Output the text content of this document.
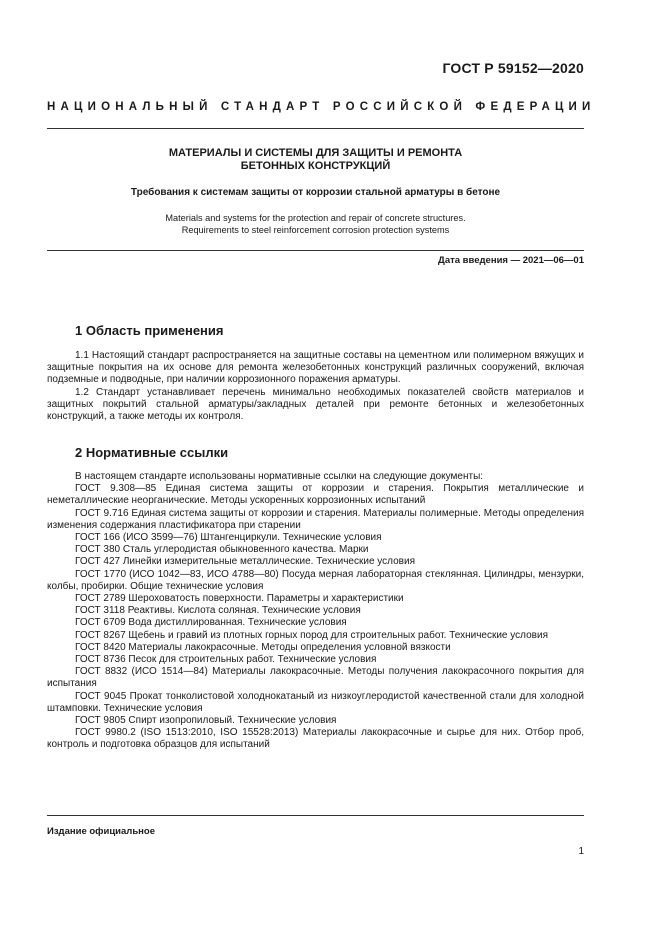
ГОСТ Р 59152—2020
НАЦИОНАЛЬНЫЙ СТАНДАРТ РОССИЙСКОЙ ФЕДЕРАЦИИ
МАТЕРИАЛЫ И СИСТЕМЫ ДЛЯ ЗАЩИТЫ И РЕМОНТА
БЕТОННЫХ КОНСТРУКЦИЙ
Требования к системам защиты от коррозии стальной арматуры в бетоне
Materials and systems for the protection and repair of concrete structures.
Requirements to steel reinforcement corrosion protection systems
Дата введения — 2021—06—01
1 Область применения

1.1 Настоящий стандарт распространяется на защитные составы на цементном или полимерном вяжущих и защитные покрытия на их основе для ремонта железобетонных конструкций различных сооружений, включая подземные и подводные, при наличии коррозионного поражения арматуры.

1.2 Стандарт устанавливает перечень минимально необходимых показателей свойств материалов и защитных покрытий стальной арматуры/закладных деталей при ремонте бетонных и железобетонных конструкций, а также методы их контроля.

2 Нормативные ссылки

В настоящем стандарте использованы нормативные ссылки на следующие документы:

ГОСТ 9.308—85 Единая система защиты от коррозии и старения. Покрытия металлические и неметаллические неорганические. Методы ускоренных коррозионных испытаний

ГОСТ 9.716 Единая система защиты от коррозии и старения. Материалы полимерные. Методы определения изменения содержания пластификатора при старении

ГОСТ 166 (ИСО 3599—76) Штангенциркули. Технические условия

ГОСТ 380 Сталь углеродистая обыкновенного качества. Марки

ГОСТ 427 Линейки измерительные металлические. Технические условия

ГОСТ 1770 (ИСО 1042—83, ИСО 4788—80) Посуда мерная лабораторная стеклянная. Цилиндры, мензурки, колбы, пробирки. Общие технические условия

ГОСТ 2789 Шероховатость поверхности. Параметры и характеристики

ГОСТ 3118 Реактивы. Кислота соляная. Технические условия

ГОСТ 6709 Вода дистиллированная. Технические условия

ГОСТ 8267 Щебень и гравий из плотных горных пород для строительных работ. Технические условия

ГОСТ 8420 Материалы лакокрасочные. Методы определения условной вязкости

ГОСТ 8736 Песок для строительных работ. Технические условия

ГОСТ 8832 (ИСО 1514—84) Материалы лакокрасочные. Методы получения лакокрасочного покрытия для испытания

ГОСТ 9045 Прокат тонколистовой холоднокатаный из низкоуглеродистой качественной стали для холодной штамповки. Технические условия

ГОСТ 9805 Спирт изопропиловый. Технические условия

ГОСТ 9980.2 (ISO 1513:2010, ISO 15528:2013) Материалы лакокрасочные и сырье для них. Отбор проб, контроль и подготовка образцов для испытаний

Издание официальное
1
